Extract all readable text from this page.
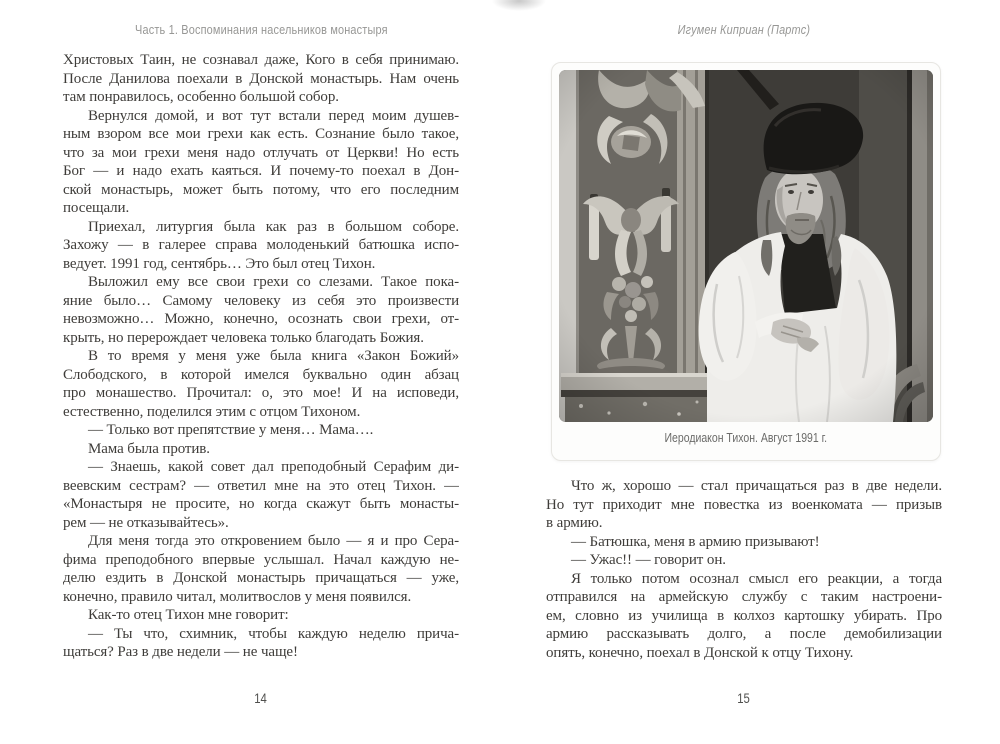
Часть 1. Воспоминания насельников монастыря
Христовых Таин, не сознавал даже, Кого в себя принимаю.
После Данилова поехали в Донской монастырь. Нам очень
там понравилось, особенно большой собор.
Вернулся домой, и вот тут встали перед моим душев-
ным взором все мои грехи как есть. Сознание было такое,
что за мои грехи меня надо отлучать от Церкви! Но есть
Бог — и надо ехать каяться. И почему-то поехал в Дон-
ской монастырь, может быть потому, что его последним
посещали.
Приехал, литургия была как раз в большом соборе.
Захожу — в галерее справа молоденький батюшка испо-
ведует. 1991 год, сентябрь… Это был отец Тихон.
Выложил ему все свои грехи со слезами. Такое пока-
яние было… Самому человеку из себя это произвести
невозможно… Можно, конечно, осознать свои грехи, от-
крыть, но перерождает человека только благодать Божия.
В то время у меня уже была книга «Закон Божий»
Слободского, в которой имелся буквально один абзац
про монашество. Прочитал: о, это мое! И на исповеди,
естественно, поделился этим с отцом Тихоном.
— Только вот препятствие у меня… Мама….
Мама была против.
— Знаешь, какой совет дал преподобный Серафим ди-
веевским сестрам? — ответил мне на это отец Тихон. —
«Монастыря не просите, но когда скажут быть монасты-
рем — не отказывайтесь».
Для меня тогда это откровением было — я и про Сера-
фима преподобного впервые услышал. Начал каждую не-
делю ездить в Донской монастырь причащаться — уже,
конечно, правило читал, молитвослов у меня появился.
Как-то отец Тихон мне говорит:
— Ты что, схимник, чтобы каждую неделю прича-
щаться? Раз в две недели — не чаще!
14
Игумен Киприан (Партс)
Иеродиакон Тихон. Август 1991 г.
Что ж, хорошо — стал причащаться раз в две недели.
Но тут приходит мне повестка из военкомата — призыв
в армию.
— Батюшка, меня в армию призывают!
— Ужас!! — говорит он.
Я только потом осознал смысл его реакции, а тогда
отправился на армейскую службу с таким настроени-
ем, словно из училища в колхоз картошку убирать. Про
армию рассказывать долго, а после демобилизации
опять, конечно, поехал в Донской к отцу Тихону.
15
